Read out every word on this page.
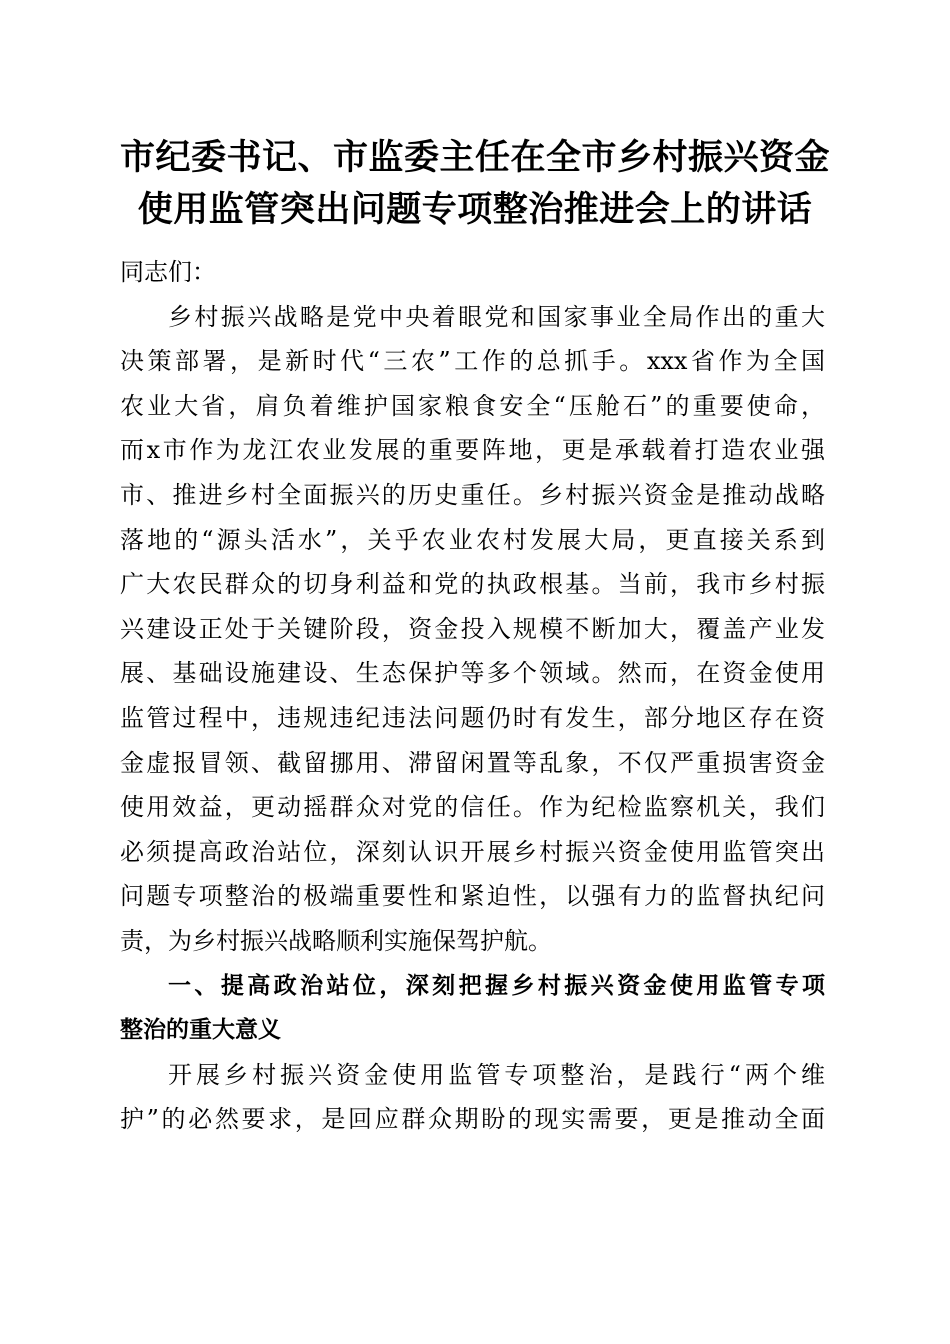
市纪委书记、市监委主任在全市乡村振兴资金
使用监管突出问题专项整治推进会上的讲话
同志们：
乡村振兴战略是党中央着眼党和国家事业全局作出的重大
决策部署，是新时代“三农”工作的总抓手。xxx省作为全国
农业大省，肩负着维护国家粮食安全“压舱石”的重要使命，
而x市作为龙江农业发展的重要阵地，更是承载着打造农业强
市、推进乡村全面振兴的历史重任。乡村振兴资金是推动战略
落地的“源头活水”，关乎农业农村发展大局，更直接关系到
广大农民群众的切身利益和党的执政根基。当前，我市乡村振
兴建设正处于关键阶段，资金投入规模不断加大，覆盖产业发
展、基础设施建设、生态保护等多个领域。然而，在资金使用
监管过程中，违规违纪违法问题仍时有发生，部分地区存在资
金虚报冒领、截留挪用、滞留闲置等乱象，不仅严重损害资金
使用效益，更动摇群众对党的信任。作为纪检监察机关，我们
必须提高政治站位，深刻认识开展乡村振兴资金使用监管突出
问题专项整治的极端重要性和紧迫性，以强有力的监督执纪问
责，为乡村振兴战略顺利实施保驾护航。
一、提高政治站位，深刻把握乡村振兴资金使用监管专项
整治的重大意义
开展乡村振兴资金使用监管专项整治，是践行“两个维
护”的必然要求，是回应群众期盼的现实需要，更是推动全面
